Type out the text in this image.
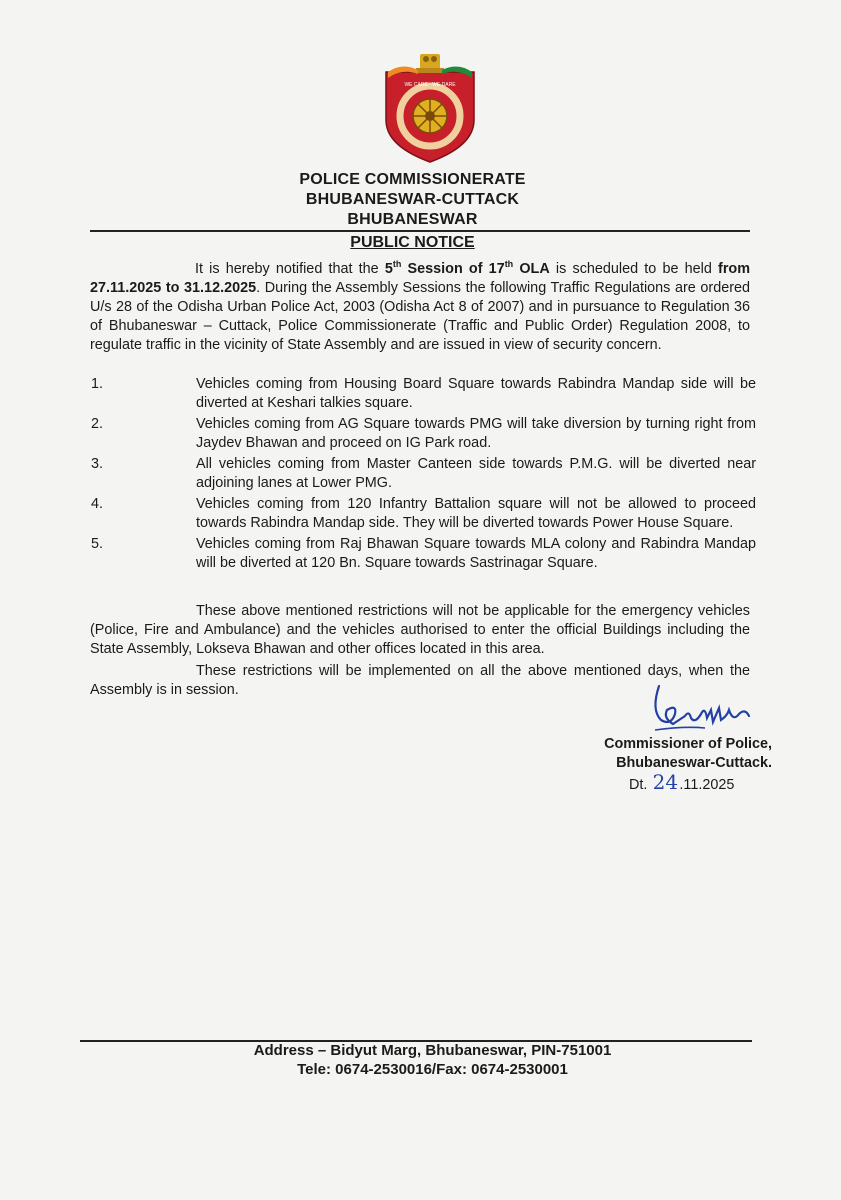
WE CARE · WE DARE
POLICE COMMISSIONERATE
BHUBANESWAR-CUTTACK
BHUBANESWAR
PUBLIC NOTICE
It is hereby notified that the 5th Session of 17th OLA is scheduled to be held from 27.11.2025 to 31.12.2025. During the Assembly Sessions the following Traffic Regulations are ordered U/s 28 of the Odisha Urban Police Act, 2003 (Odisha Act 8 of 2007) and in pursuance to Regulation 36 of Bhubaneswar – Cuttack, Police Commissionerate (Traffic and Public Order) Regulation 2008, to regulate traffic in the vicinity of State Assembly and are issued in view of security concern.
1.	Vehicles coming from Housing Board Square towards Rabindra Mandap side will be diverted at Keshari talkies square.
2.	Vehicles coming from AG Square towards PMG will take diversion by turning right from Jaydev Bhawan and proceed on IG Park road.
3.	All vehicles coming from Master Canteen side towards P.M.G. will be diverted near adjoining lanes at Lower PMG.
4.	Vehicles coming from 120 Infantry Battalion square will not be allowed to proceed towards Rabindra Mandap side. They will be diverted towards Power House Square.
5.	Vehicles coming from Raj Bhawan Square towards MLA colony and Rabindra Mandap will be diverted at 120 Bn. Square towards Sastrinagar Square.
These above mentioned restrictions will not be applicable for the emergency vehicles (Police, Fire and Ambulance) and the vehicles authorised to enter the official Buildings including the State Assembly, Lokseva Bhawan and other offices located in this area.
These restrictions will be implemented on all the above mentioned days, when the Assembly is in session.
Commissioner of Police,
Bhubaneswar-Cuttack.
Dt. 24.11.2025
Address – Bidyut Marg, Bhubaneswar, PIN-751001
Tele: 0674-2530016/Fax: 0674-2530001
